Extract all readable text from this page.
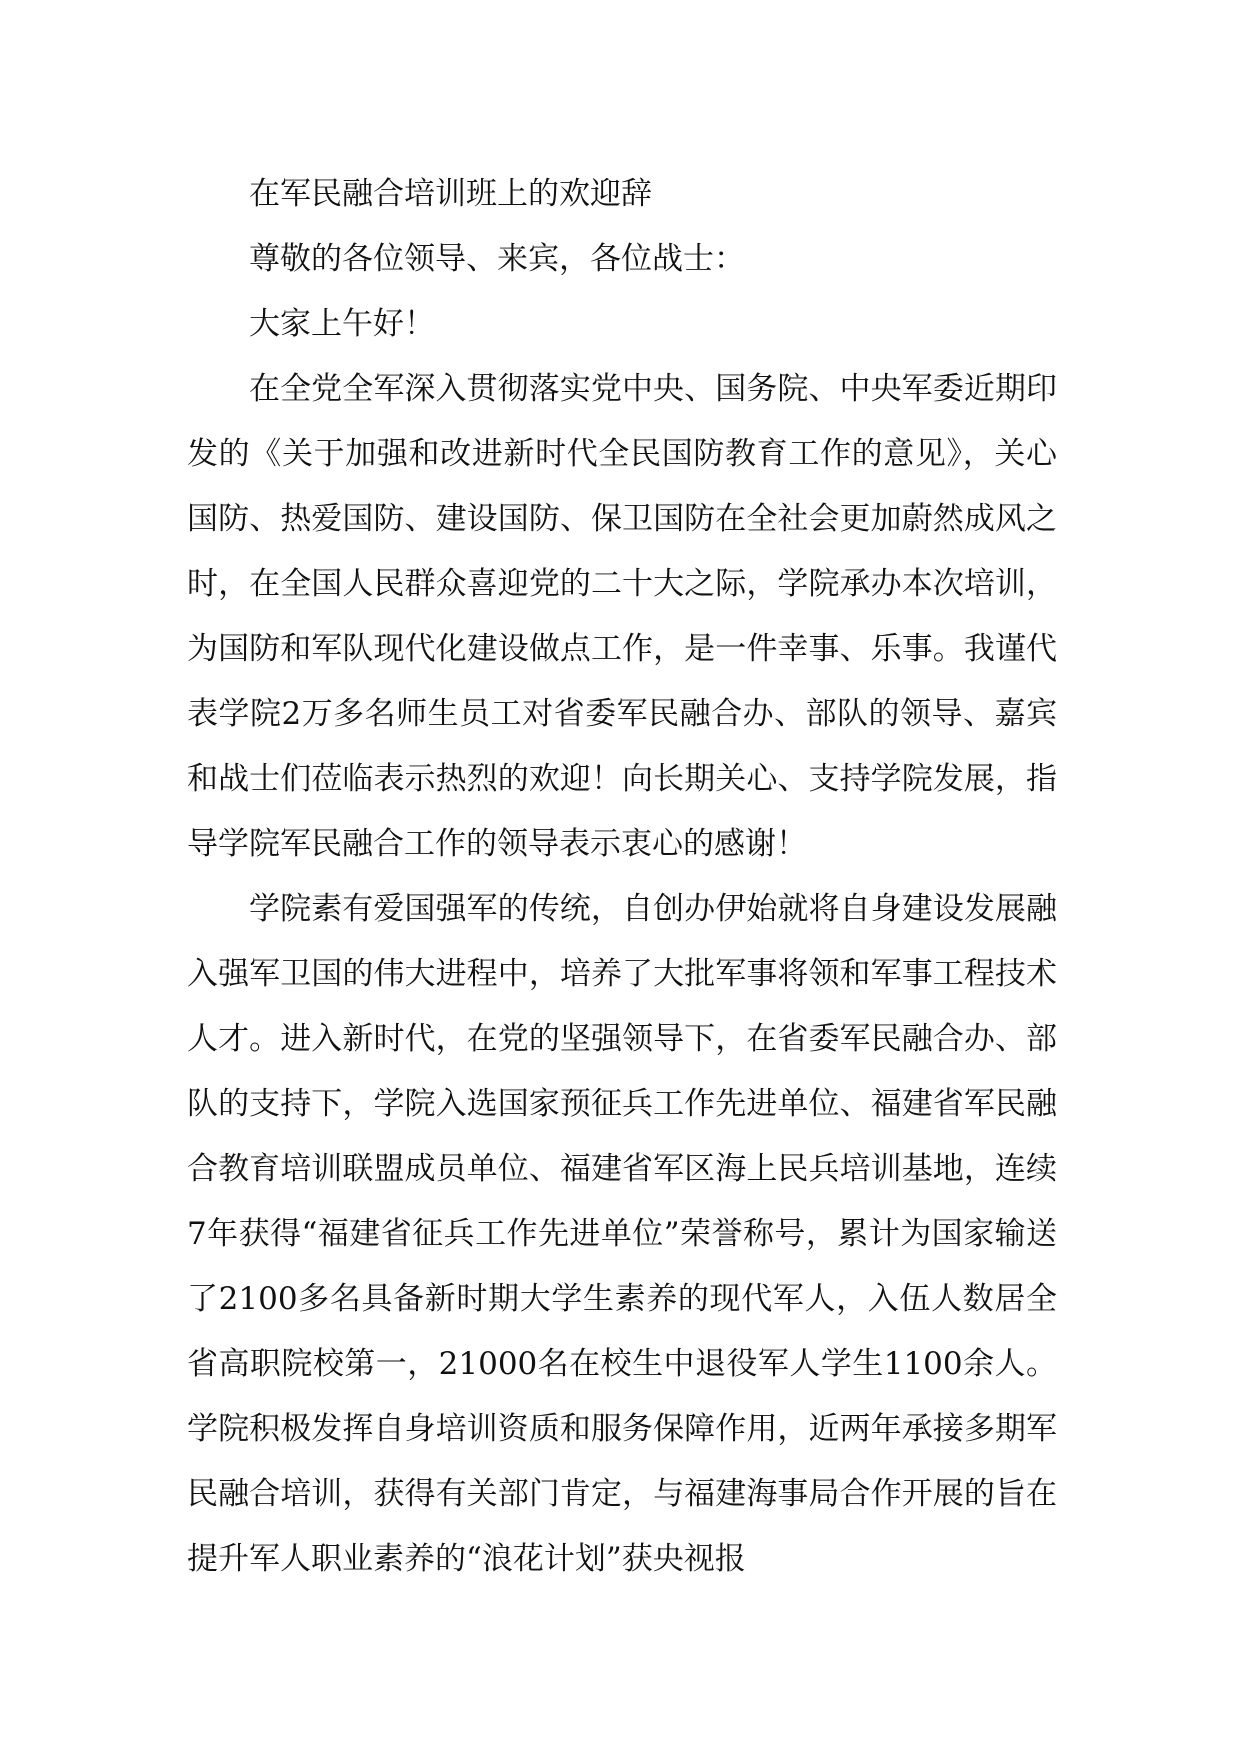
在军民融合培训班上的欢迎辞

尊敬的各位领导、来宾，各位战士：

大家上午好！

在全党全军深入贯彻落实党中央、国务院、中央军委近期印发的《关于加强和改进新时代全民国防教育工作的意见》，关心国防、热爱国防、建设国防、保卫国防在全社会更加蔚然成风之时，在全国人民群众喜迎党的二十大之际，学院承办本次培训，为国防和军队现代化建设做点工作，是一件幸事、乐事。我谨代表学院2万多名师生员工对省委军民融合办、部队的领导、嘉宾和战士们莅临表示热烈的欢迎！向长期关心、支持学院发展，指导学院军民融合工作的领导表示衷心的感谢！

学院素有爱国强军的传统，自创办伊始就将自身建设发展融入强军卫国的伟大进程中，培养了大批军事将领和军事工程技术人才。进入新时代，在党的坚强领导下，在省委军民融合办、部队的支持下，学院入选国家预征兵工作先进单位、福建省军民融合教育培训联盟成员单位、福建省军区海上民兵培训基地，连续7年获得“福建省征兵工作先进单位”荣誉称号，累计为国家输送了2100多名具备新时期大学生素养的现代军人，入伍人数居全省高职院校第一，21000名在校生中退役军人学生1100余人。学院积极发挥自身培训资质和服务保障作用，近两年承接多期军民融合培训，获得有关部门肯定，与福建海事局合作开展的旨在提升军人职业素养的“浪花计划”获央视报
